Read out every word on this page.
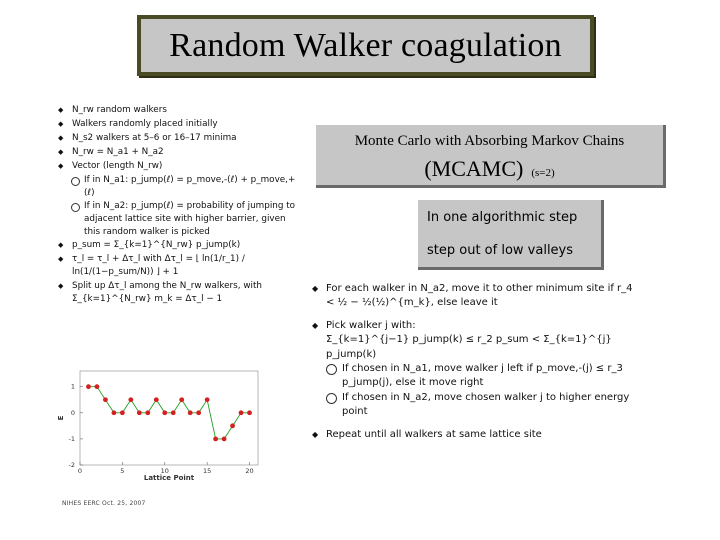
Random Walker coagulation
◆ N_rw random walkers
◆ Walkers randomly placed initially
◆ N_s2 walkers at 5–6 or 16–17 minima
◆ N_rw = N_a1 + N_a2
◆ Vector (length N_rw)
If in N_a1: p_jump(ℓ) = p_move,-(ℓ) + p_move,+(ℓ)
If in N_a2: p_jump(ℓ) = probability of jumping to adjacent lattice site with higher barrier, given this random walker is picked
◆ p_sum = Σ_{k=1}^{N_rw} p_jump(k)
◆ τ_l = τ_l + Δτ_l with Δτ_l = ⌊ ln(1/r_1) / ln(1/(1−p_sum/N)) ⌋ + 1
◆ Split up Δτ_l among the N_rw walkers, with Σ_{k=1}^{N_rw} m_k = Δτ_l − 1
Monte Carlo with Absorbing Markov Chains
(MCAMC) (s=2)
In one algorithmic step
step out of low valleys
◆ For each walker in N_a2, move it to other minimum site if r_4 < ½ − ½(½)^{m_k}, else leave it
◆ Pick walker j with:
Σ_{k=1}^{j−1} p_jump(k) ≤ r_2 p_sum < Σ_{k=1}^{j} p_jump(k)
If chosen in N_a1, move walker j left if p_move,-(j) ≤ r_3 p_jump(j), else it move right
If chosen in N_a2, move chosen walker j to higher energy point
◆ Repeat until all walkers at same lattice site
0	5	10	15	20
1
0
-1
-2
Lattice Point
E
NIHES EERC Oct. 25, 2007
